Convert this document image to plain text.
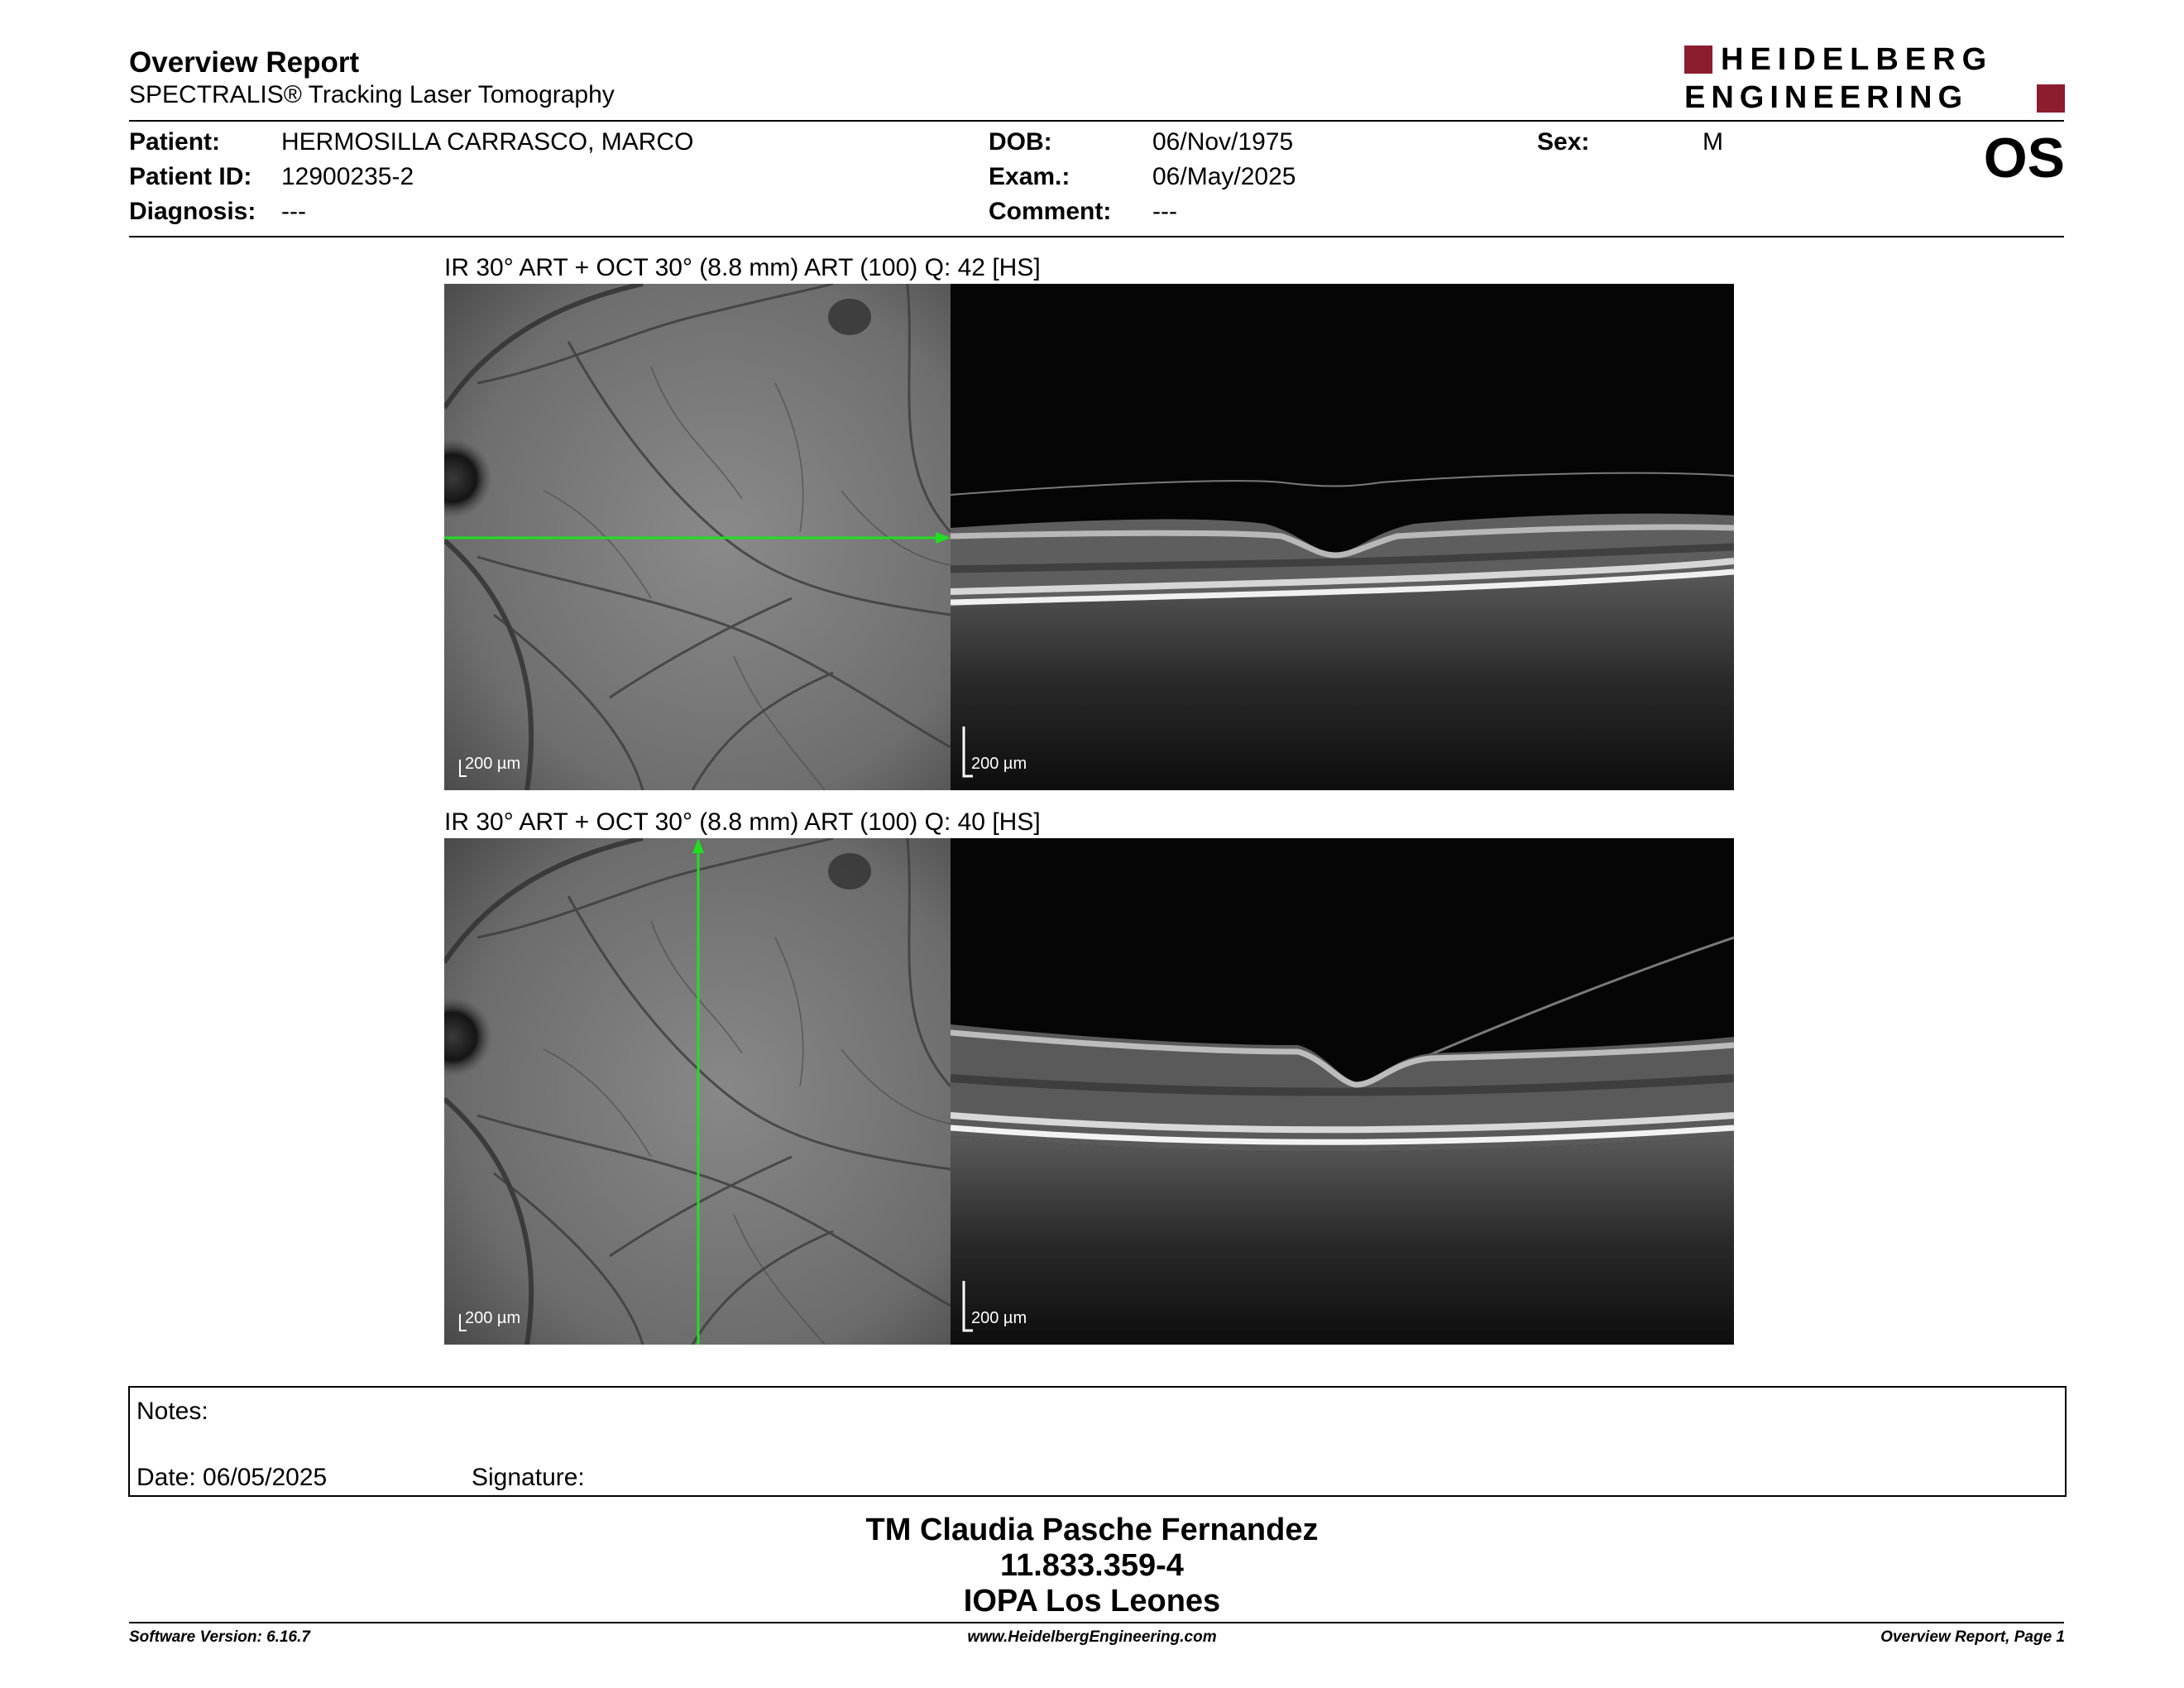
Overview Report
SPECTRALIS® Tracking Laser Tomography
HEIDELBERG
ENGINEERING
Patient: HERMOSILLA CARRASCO, MARCO
Patient ID: 12900235-2
Diagnosis: ---
DOB:	06/Nov/1975
Exam.:	06/May/2025
Comment: ---
Sex:	M	OS
IR 30° ART + OCT 30° (8.8 mm) ART (100) Q: 42 [HS]
200 µm	200 µm
IR 30° ART + OCT 30° (8.8 mm) ART (100) Q: 40 [HS]
200 µm	200 µm
Notes:
Date: 06/05/2025	Signature:
TM Claudia Pasche Fernandez
11.833.359-4
IOPA Los Leones
Software Version: 6.16.7	www.HeidelbergEngineering.com	Overview Report, Page 1
